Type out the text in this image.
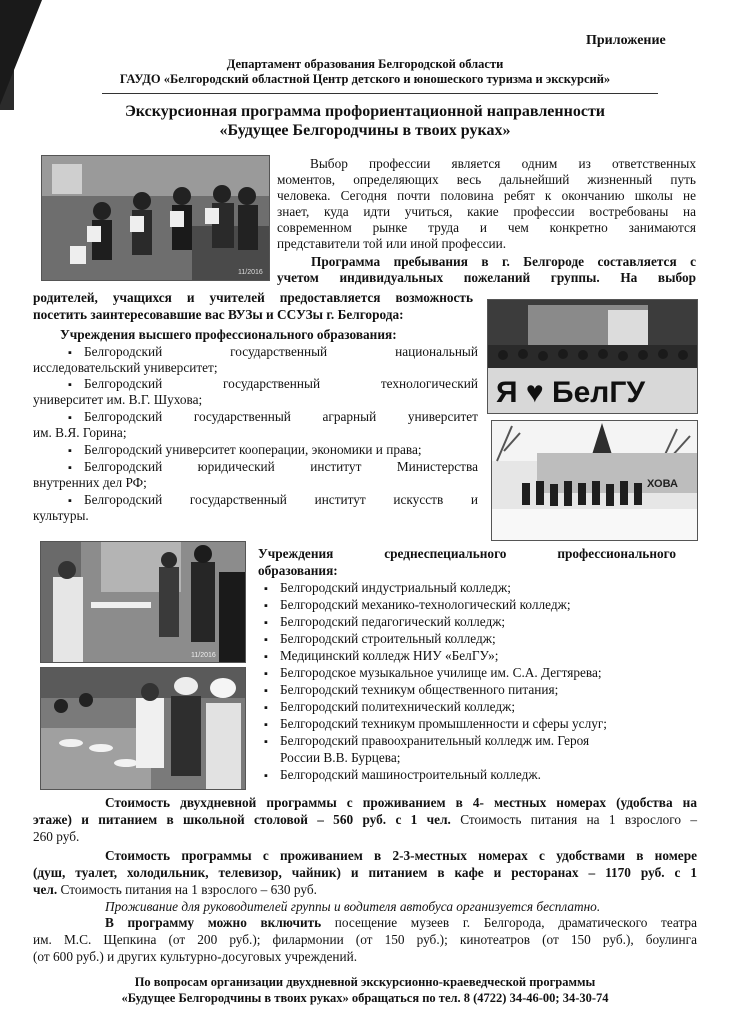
Приложение
Департамент образования Белгородской области
ГАУДО «Белгородский областной Центр детского и юношеского туризма и экскурсий»
Экскурсионная программа профориентационной направленности
«Будущее Белгородчины в твоих руках»
11/2016
Выбор профессии является одним из ответственных
моментов, определяющих весь дальнейший жизненный путь
человека. Сегодня почти половина ребят к окончанию школы не
знает, куда идти учиться, какие профессии востребованы на
современном рынке труда и чем конкретно занимаются
представители той или иной профессии.
Программа пребывания в г. Белгороде составляется с
учетом индивидуальных пожеланий группы. На выбор
родителей, учащихся и учителей предоставляется возможность
посетить заинтересовавшие вас ВУЗы и ССУЗы г. Белгорода:
Я ♥ БелГУ
Учреждения высшего профессионального образования:
▪ Белгородский государственный национальный
исследовательский университет;
▪ Белгородский государственный технологический
университет им. В.Г. Шухова;
▪ Белгородский государственный аграрный университет
им. В.Я. Горина;
▪ Белгородский университет кооперации, экономики и права;
▪ Белгородский юридический институт Министерства
внутренних дел РФ;
▪ Белгородский государственный институт искусств и
культуры.
ХОВА
11/2016
Учреждения среднеспециального профессионального
образования:
▪ Белгородский индустриальный колледж;
▪ Белгородский механико-технологический колледж;
▪ Белгородский педагогический колледж;
▪ Белгородский строительный колледж;
▪ Медицинский колледж НИУ «БелГУ»;
▪ Белгородское музыкальное училище им. С.А. Дегтярева;
▪ Белгородский техникум общественного питания;
▪ Белгородский политехнический колледж;
▪ Белгородский техникум промышленности и сферы услуг;
▪ Белгородский правоохранительный колледж им. Героя
России В.В. Бурцева;
▪ Белгородский машиностроительный колледж.
Стоимость двухдневной программы с проживанием в 4- местных номерах (удобства на
этаже) и питанием в школьной столовой – 560 руб. с 1 чел. Стоимость питания на 1 взрослого –
260 руб.
Стоимость программы с проживанием в 2-3-местных номерах с удобствами в номере
(душ, туалет, холодильник, телевизор, чайник) и питанием в кафе и ресторанах – 1170 руб. с 1
чел. Стоимость питания на 1 взрослого – 630 руб.
Проживание для руководителей группы и водителя автобуса организуется бесплатно.
В программу можно включить посещение музеев г. Белгорода, драматического театра
им. М.С. Щепкина (от 200 руб.); филармонии (от 150 руб.); кинотеатров (от 150 руб.), боулинга
(от 600 руб.) и других культурно-досуговых учреждений.
По вопросам организации двухдневной экскурсионно-краеведческой программы
«Будущее Белгородчины в твоих руках» обращаться по тел. 8 (4722) 34-46-00; 34-30-74
